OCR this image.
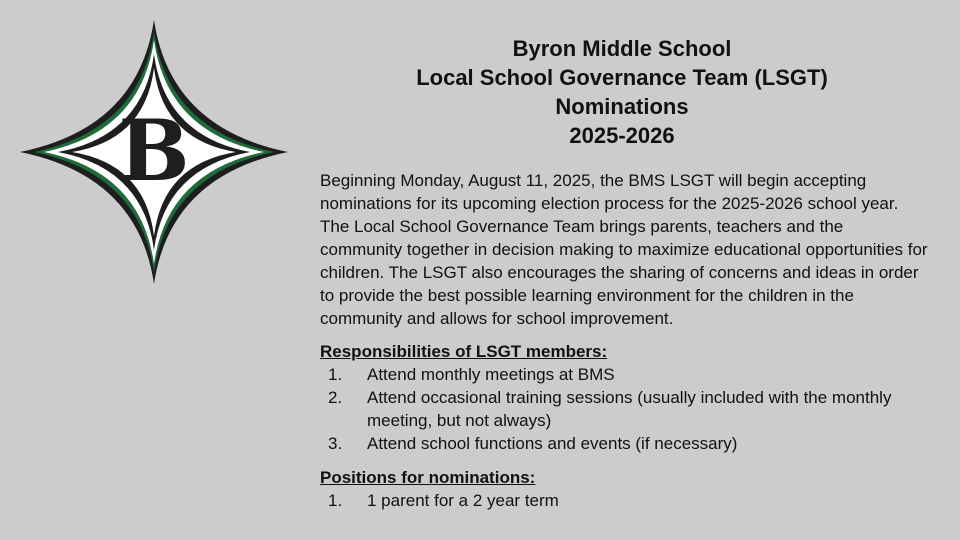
B
Byron Middle School
Local School Governance Team (LSGT)
Nominations
2025-2026

Beginning Monday, August 11, 2025, the BMS LSGT will begin accepting nominations for its upcoming election process for the 2025-2026 school year. The Local School Governance Team brings parents, teachers and the community together in decision making to maximize educational opportunities for children. The LSGT also encourages the sharing of concerns and ideas in order to provide the best possible learning environment for the children in the community and allows for school improvement.

Responsibilities of LSGT members:

1.	Attend monthly meetings at BMS
2.	Attend occasional training sessions (usually included with the monthly meeting, but not always)
3.	Attend school functions and events (if necessary)

Positions for nominations:

1.	1 parent for a 2 year term
